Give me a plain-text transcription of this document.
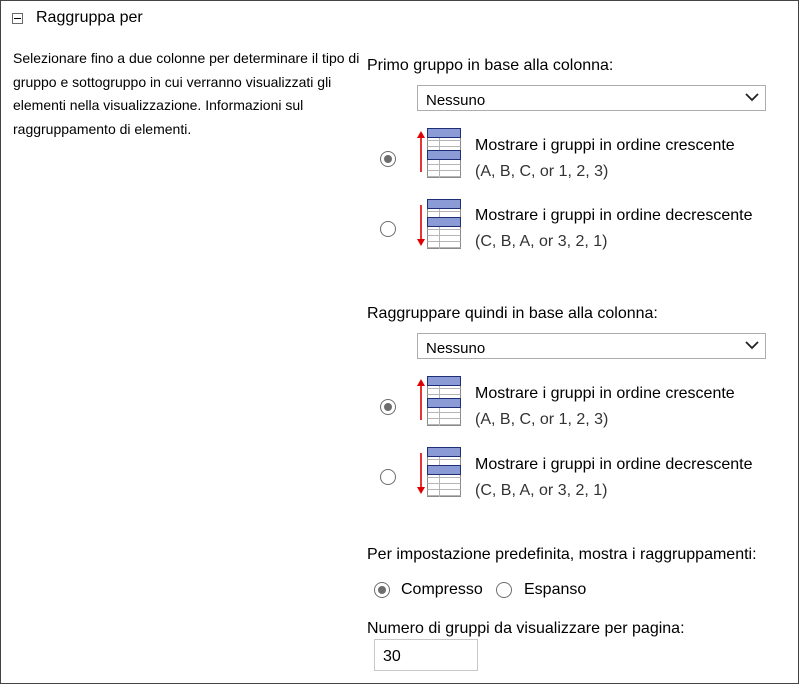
Raggruppa per
Selezionare fino a due colonne per determinare il tipo di gruppo e sottogruppo in cui verranno visualizzati gli elementi nella visualizzazione. Informazioni sul raggruppamento di elementi.
Primo gruppo in base alla colonna:
Nessuno
Mostrare i gruppi in ordine crescente
(A, B, C, or 1, 2, 3)
Mostrare i gruppi in ordine decrescente
(C, B, A, or 3, 2, 1)
Raggruppare quindi in base alla colonna:
Nessuno
Mostrare i gruppi in ordine crescente
(A, B, C, or 1, 2, 3)
Mostrare i gruppi in ordine decrescente
(C, B, A, or 3, 2, 1)
Per impostazione predefinita, mostra i raggruppamenti:
Compresso	Espanso
Numero di gruppi da visualizzare per pagina:
30
